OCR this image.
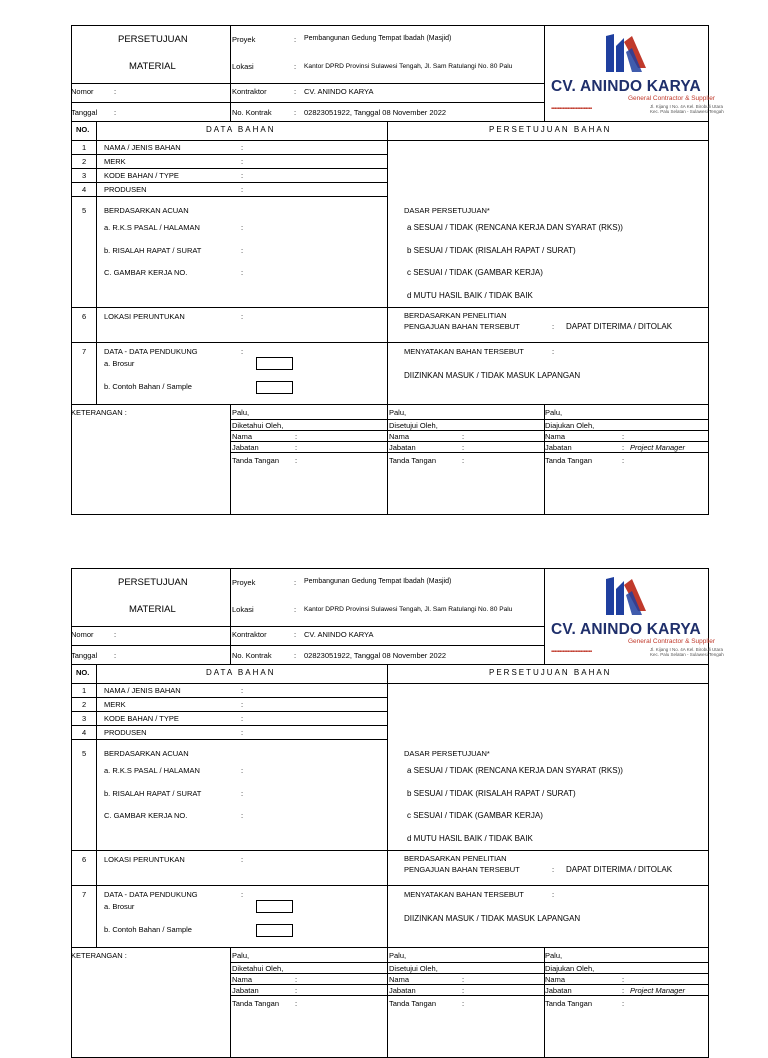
PERSETUJUAN
MATERIAL
Nomor	:
Tanggal :
Proyek	: Pembangunan Gedung Tempat Ibadah (Masjid)
Lokasi	: Kantor DPRD Provinsi Sulawesi Tengah, Jl. Sam Ratulangi No. 80 Palu
Kontraktor	: CV. ANINDO KARYA
No. Kontrak	: 02823051922, Tanggal 08 November 2022
CV. ANINDO KARYA
General Contractor & Supplier
Jl. Kijang I No. 4A Kel. Birobuli Utara
Kec. Palu Selatan - Sulawesi Tengah
▪▪▪▪▪▪▪▪▪▪▪▪▪▪▪▪▪▪▪▪▪▪▪▪▪
NO.	DATA BAHAN	PERSETUJUAN BAHAN
1 NAMA / JENIS BAHAN	:
2 MERK	:
3 KODE BAHAN / TYPE	:
4 PRODUSEN	:
5 BERDASARKAN ACUAN
a. R.K.S PASAL / HALAMAN	:
b. RISALAH RAPAT / SURAT	:
C. GAMBAR KERJA NO.	:
DASAR PERSETUJUAN*
a SESUAI / TIDAK (RENCANA KERJA DAN SYARAT (RKS))
b SESUAI / TIDAK (RISALAH RAPAT / SURAT)
c SESUAI / TIDAK (GAMBAR KERJA)
d MUTU HASIL BAIK / TIDAK BAIK
6 LOKASI PERUNTUKAN	:	BERDASARKAN PENELITIAN
PENGAJUAN BAHAN TERSEBUT	: DAPAT DITERIMA / DITOLAK
7 DATA - DATA PENDUKUNG	:
a. Brosur
b. Contoh Bahan / Sample
MENYATAKAN BAHAN TERSEBUT	:
DIIZINKAN MASUK / TIDAK MASUK LAPANGAN
KETERANGAN :	Palu,
Diketahui Oleh,
Nama	:
Jabatan	:
Tanda Tangan :
Palu,
Disetujui Oleh,
Nama	:
Jabatan	:
Tanda Tangan	:
Palu,
Diajukan Oleh,
Nama	:
Jabatan	: Project Manager
Tanda Tangan	:
PERSETUJUAN
MATERIAL
Nomor	:
Tanggal :
Proyek	: Pembangunan Gedung Tempat Ibadah (Masjid)
Lokasi	: Kantor DPRD Provinsi Sulawesi Tengah, Jl. Sam Ratulangi No. 80 Palu
Kontraktor	: CV. ANINDO KARYA
No. Kontrak	: 02823051922, Tanggal 08 November 2022
CV. ANINDO KARYA
General Contractor & Supplier
Jl. Kijang I No. 4A Kel. Birobuli Utara
Kec. Palu Selatan - Sulawesi Tengah
▪▪▪▪▪▪▪▪▪▪▪▪▪▪▪▪▪▪▪▪▪▪▪▪▪
NO.	DATA BAHAN	PERSETUJUAN BAHAN
1 NAMA / JENIS BAHAN	:
2 MERK	:
3 KODE BAHAN / TYPE	:
4 PRODUSEN	:
5 BERDASARKAN ACUAN
a. R.K.S PASAL / HALAMAN	:
b. RISALAH RAPAT / SURAT	:
C. GAMBAR KERJA NO.	:
DASAR PERSETUJUAN*
a SESUAI / TIDAK (RENCANA KERJA DAN SYARAT (RKS))
b SESUAI / TIDAK (RISALAH RAPAT / SURAT)
c SESUAI / TIDAK (GAMBAR KERJA)
d MUTU HASIL BAIK / TIDAK BAIK
6 LOKASI PERUNTUKAN	:	BERDASARKAN PENELITIAN
PENGAJUAN BAHAN TERSEBUT	: DAPAT DITERIMA / DITOLAK
7 DATA - DATA PENDUKUNG	:
a. Brosur
b. Contoh Bahan / Sample
MENYATAKAN BAHAN TERSEBUT	:
DIIZINKAN MASUK / TIDAK MASUK LAPANGAN
KETERANGAN :	Palu,
Diketahui Oleh,
Nama	:
Jabatan	:
Tanda Tangan :
Palu,
Disetujui Oleh,
Nama	:
Jabatan	:
Tanda Tangan	:
Palu,
Diajukan Oleh,
Nama	:
Jabatan	: Project Manager
Tanda Tangan	:
